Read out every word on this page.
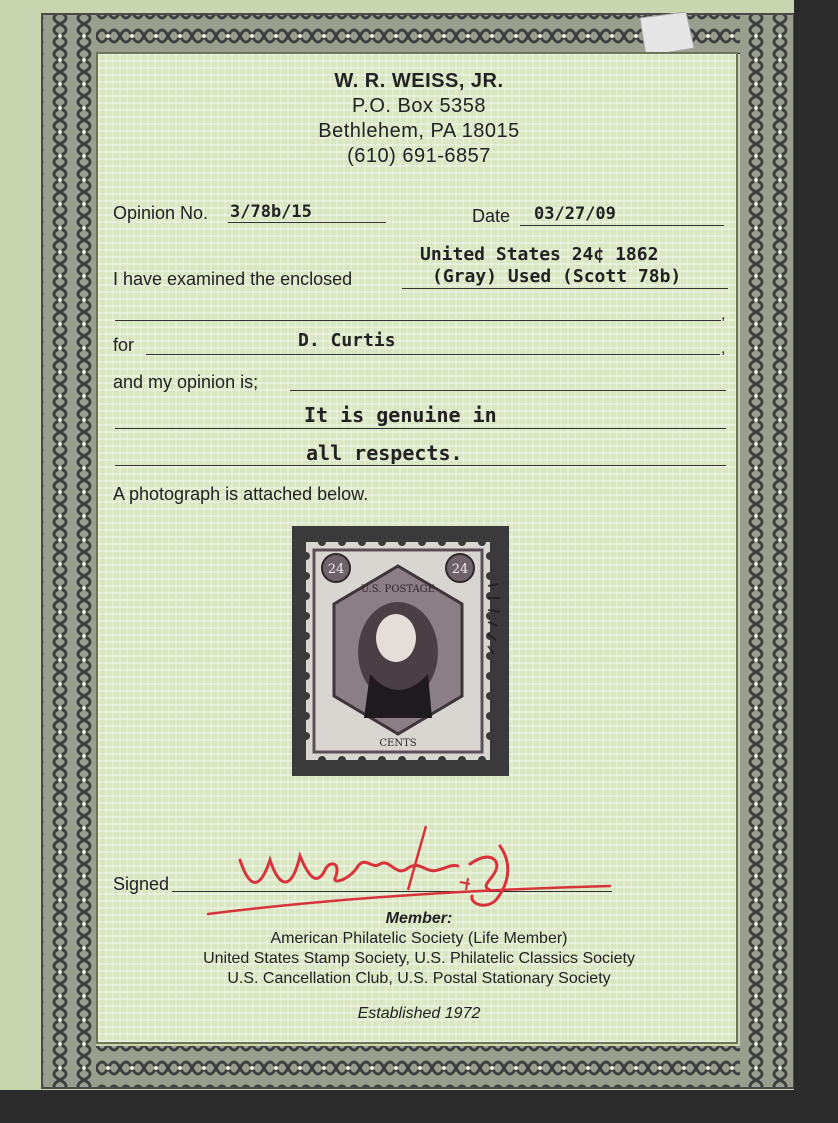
W. R. WEISS, JR.
P.O. Box 5358
Bethlehem, PA 18015
(610) 691-6857
Opinion No. 3/78b/15	Date 03/27/09
United States 24¢ 1862
I have examined the enclosed	(Gray) Used (Scott 78b)
,
for	D. Curtis	,
and my opinion is;
It is genuine in
all respects.
A photograph is attached below.
24	24
U.S. POSTAGE
CENTS
Signed
Member:
American Philatelic Society (Life Member)
United States Stamp Society, U.S. Philatelic Classics Society
U.S. Cancellation Club, U.S. Postal Stationary Society
Established 1972
